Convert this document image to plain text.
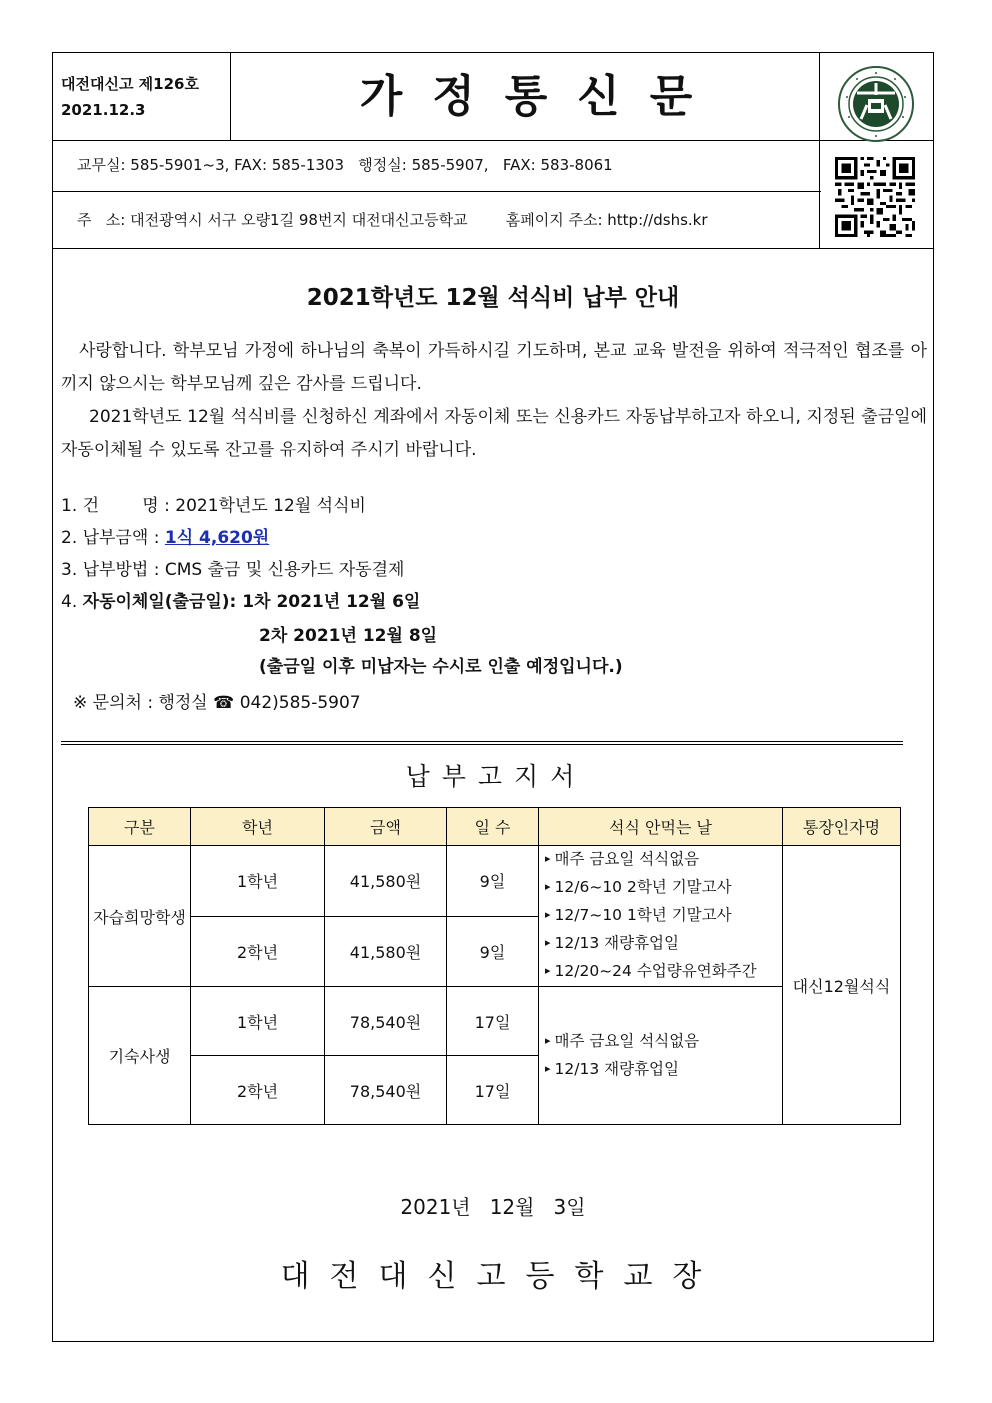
대전대신고 제126호
2021.12.3	가정통신문
교무실: 585-5901~3, FAX: 585-1303   행정실: 585-5907,   FAX: 583-8061
주   소: 대전광역시 서구 오량1길 98번지 대전대신고등학교        홈페이지 주소: http://dshs.kr
2021학년도 12월 석식비 납부 안내
사랑합니다. 학부모님 가정에 하나님의 축복이 가득하시길 기도하며, 본교 교육 발전을 위하여 적극적인 협조를 아끼지 않으시는 학부모님께 깊은 감사를 드립니다.
2021학년도 12월 석식비를 신청하신 계좌에서 자동이체 또는 신용카드 자동납부하고자 하오니, 지정된 출금일에 자동이체될 수 있도록 잔고를 유지하여 주시기 바랍니다.
1. 건        명 : 2021학년도 12월 석식비
2. 납부금액 : 1식 4,620원
3. 납부방법 : CMS 출금 및 신용카드 자동결제
4. 자동이체일(출금일): 1차 2021년 12월 6일
2차 2021년 12월 8일
(출금일 이후 미납자는 수시로 인출 예정입니다.)
※ 문의처 : 행정실 ☎ 042)585-5907
납부고지서
구분	학년	금액	일 수	석식 안먹는 날	통장인자명
자습희망학생	1학년	41,580원	9일	▸ 매주 금요일 석식없음
▸ 12/6~10 2학년 기말고사
▸ 12/7~10 1학년 기말고사
▸ 12/13 재량휴업일
▸ 12/20~24 수업량유연화주간	대신12월석식
	2학년	41,580원	9일		
기숙사생	1학년	78,540원	17일	▸ 매주 금요일 석식없음
▸ 12/13 재량휴업일

	2학년	78,540원	17일		
2021년   12월   3일
대전대신고등학교장
